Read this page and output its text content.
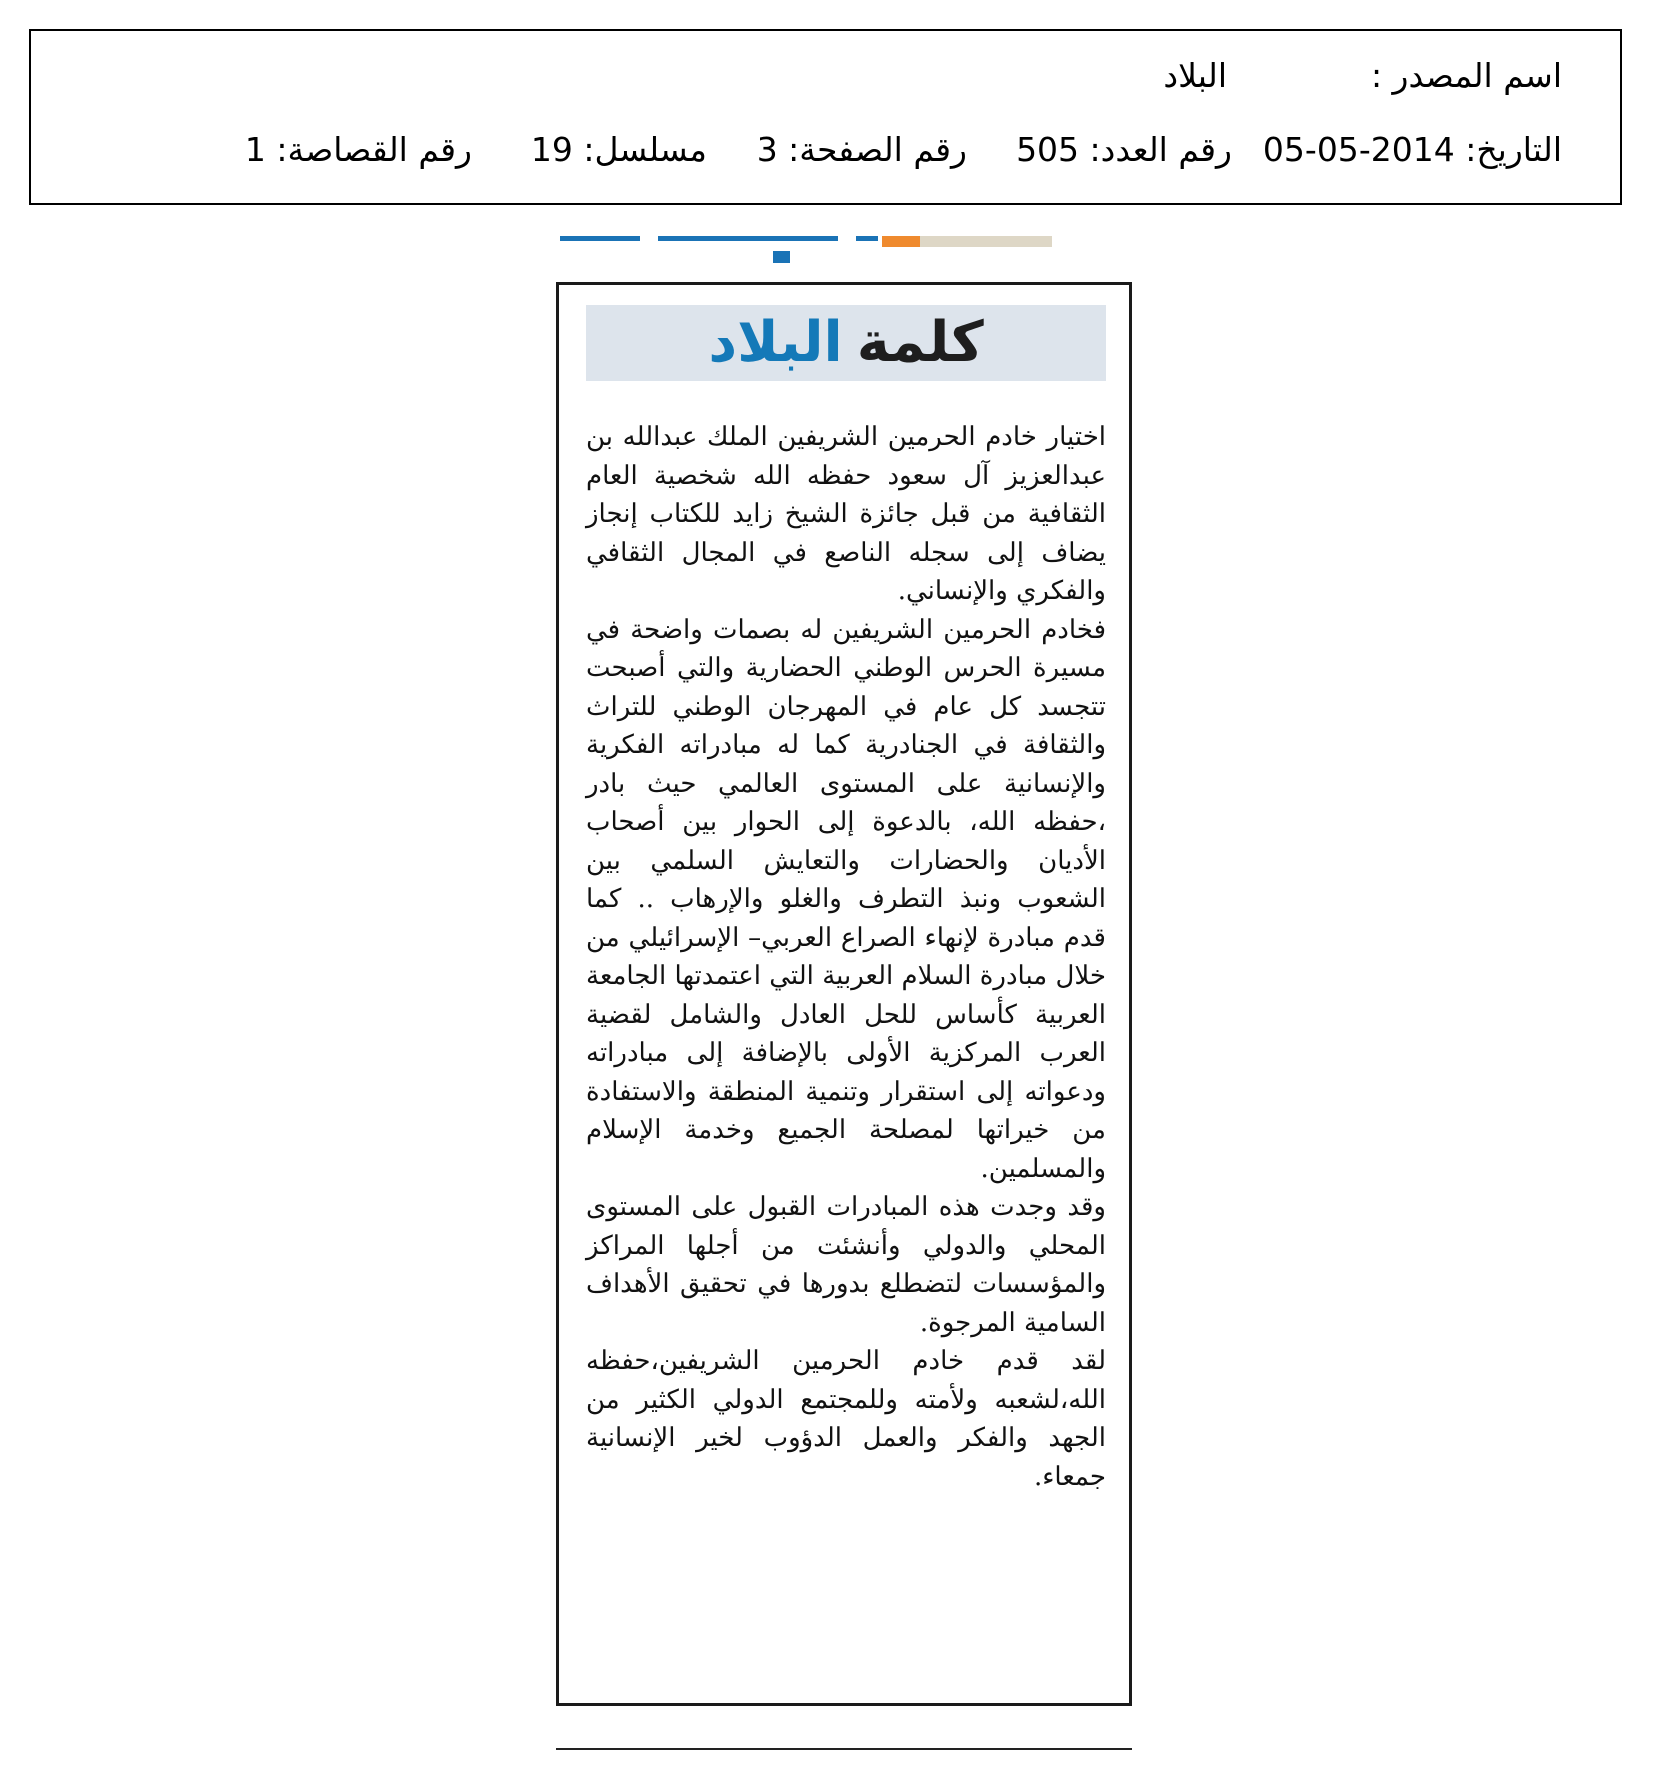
اسم المصدر :
البلاد
التاريخ: 2014-05-05
رقم العدد: 505
رقم الصفحة: 3
مسلسل: 19
رقم القصاصة: 1
كلمةالبلاد

اختيار خادم الحرمين الشريفين الملك عبدالله بن عبدالعزيز آل سعود حفظه الله شخصية العام الثقافية من قبل جائزة الشيخ زايد للكتاب إنجاز يضاف إلى سجله الناصع في المجال الثقافي والفكري والإنساني.

فخادم الحرمين الشريفين له بصمات واضحة في مسيرة الحرس الوطني الحضارية والتي أصبحت تتجسد كل عام في المهرجان الوطني للتراث والثقافة في الجنادرية كما له مبادراته الفكرية والإنسانية على المستوى العالمي حيث بادر ،حفظه الله، بالدعوة إلى الحوار بين أصحاب الأديان والحضارات والتعايش السلمي بين الشعوب ونبذ التطرف والغلو والإرهاب .. كما قدم مبادرة لإنهاء الصراع العربي– الإسرائيلي من خلال مبادرة السلام العربية التي اعتمدتها الجامعة العربية كأساس للحل العادل والشامل لقضية العرب المركزية الأولى بالإضافة إلى مبادراته ودعواته إلى استقرار وتنمية المنطقة والاستفادة من خيراتها لمصلحة الجميع وخدمة الإسلام والمسلمين.

وقد وجدت هذه المبادرات القبول على المستوى المحلي والدولي وأنشئت من أجلها المراكز والمؤسسات لتضطلع بدورها في تحقيق الأهداف السامية المرجوة.

لقد قدم خادم الحرمين الشريفين،حفظه الله،لشعبه ولأمته وللمجتمع الدولي الكثير من الجهد والفكر والعمل الدؤوب لخير الإنسانية جمعاء.
